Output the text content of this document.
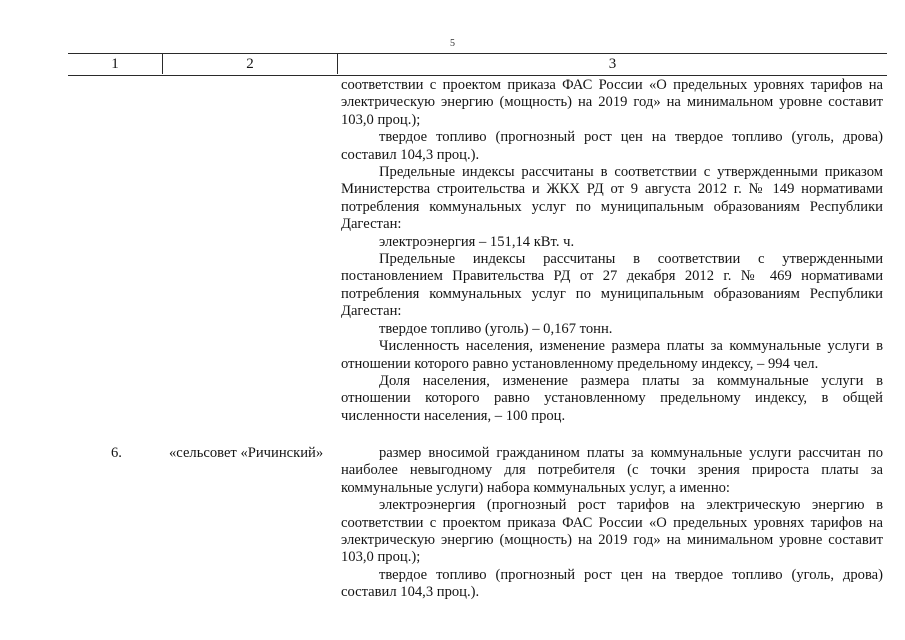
5
1	2	3

соответствии с проектом приказа ФАС России «О предельных уровнях тарифов на электрическую энергию (мощность) на 2019 год» на минимальном уровне составит 103,0 проц.);

твердое топливо (прогнозный рост цен на твердое топливо (уголь, дрова) составил 104,3 проц.).

Предельные индексы рассчитаны в соответствии с утвержденными приказом Министерства строительства и ЖКХ РД от 9 августа 2012 г. № 149 нормативами потребления коммунальных услуг по муниципальным образованиям Республики Дагестан:

электроэнергия – 151,14 кВт. ч.

Предельные индексы рассчитаны в соответствии с утвержденными постановлением Правительства РД от 27 декабря 2012 г. № 469 нормативами потребления коммунальных услуг по муниципальным образованиям Республики Дагестан:

твердое топливо (уголь) – 0,167 тонн.

Численность населения, изменение размера платы за коммунальные услуги в отношении которого равно установленному предельному индексу, – 994 чел.

Доля населения, изменение размера платы за коммунальные услуги в отношении которого равно установленному предельному индексу, в общей численности населения, – 100 проц.

6.	«сельсовет «Ричинский»	размер вносимой гражданином платы за коммунальные услуги рассчитан по наиболее невыгодному для потребителя (с точки зрения прироста платы за коммунальные услуги) набора коммунальных услуг, а именно:

электроэнергия (прогнозный рост тарифов на электрическую энергию в соответствии с проектом приказа ФАС России «О предельных уровнях тарифов на электрическую энергию (мощность) на 2019 год» на минимальном уровне составит 103,0 проц.);

твердое топливо (прогнозный рост цен на твердое топливо (уголь, дрова) составил 104,3 проц.).
